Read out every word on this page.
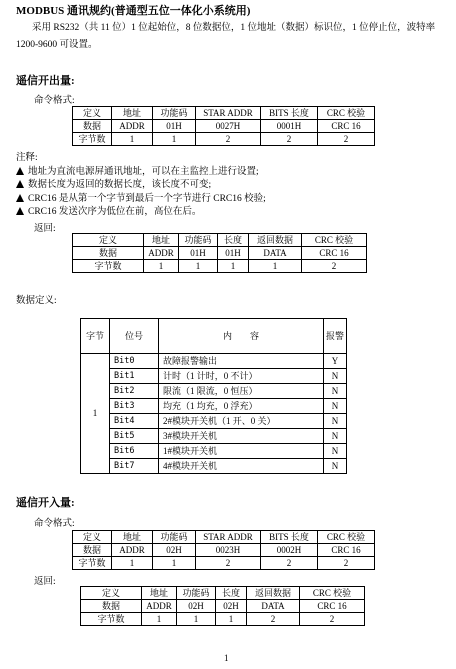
MODBUS 通讯规约(普通型五位一体化小系统用)
采用 RS232（共 11 位）1 位起始位，8 位数据位，1 位地址（数据）标识位，1 位停止位，波特率 1200-9600 可设置。
遥信开出量:
命令格式:
定义	地址	功能码	STAR ADDR	BITS 长度	CRC 校验
数据	ADDR	01H	0027H	0001H	CRC 16
字节数	1	1	2	2	2
注释:
地址为直流电源屏通讯地址，可以在主监控上进行设置;
数据长度为返回的数据长度，该长度不可变;
CRC16 是从第一个字节到最后一个字节进行 CRC16 校验;
CRC16 发送次序为低位在前，高位在后。
返回:
定义	地址	功能码	长度	返回数据	CRC 校验
数据	ADDR	01H	01H	DATA	CRC 16
字节数	1	1	1	1	2
数据定义:
字节	位号	内　　容	报警
1	Bit0	故障报警输出	Y
	Bit1	计时（1 计时，0 不计）	N
	Bit2	限流（1 限流，0 恒压）	N
	Bit3	均充（1 均充，0 浮充）	N
	Bit4	2#模块开关机（1 开、0 关）	N
	Bit5	3#模块开关机	N
	Bit6	1#模块开关机	N
	Bit7	4#模块开关机	N
遥信开入量:
命令格式:
定义	地址	功能码	STAR ADDR	BITS 长度	CRC 校验
数据	ADDR	02H	0023H	0002H	CRC 16
字节数	1	1	2	2	2
返回:
定义	地址	功能码	长度	返回数据	CRC 校验
数据	ADDR	02H	02H	DATA	CRC 16
字节数	1	1	1	2	2
1
